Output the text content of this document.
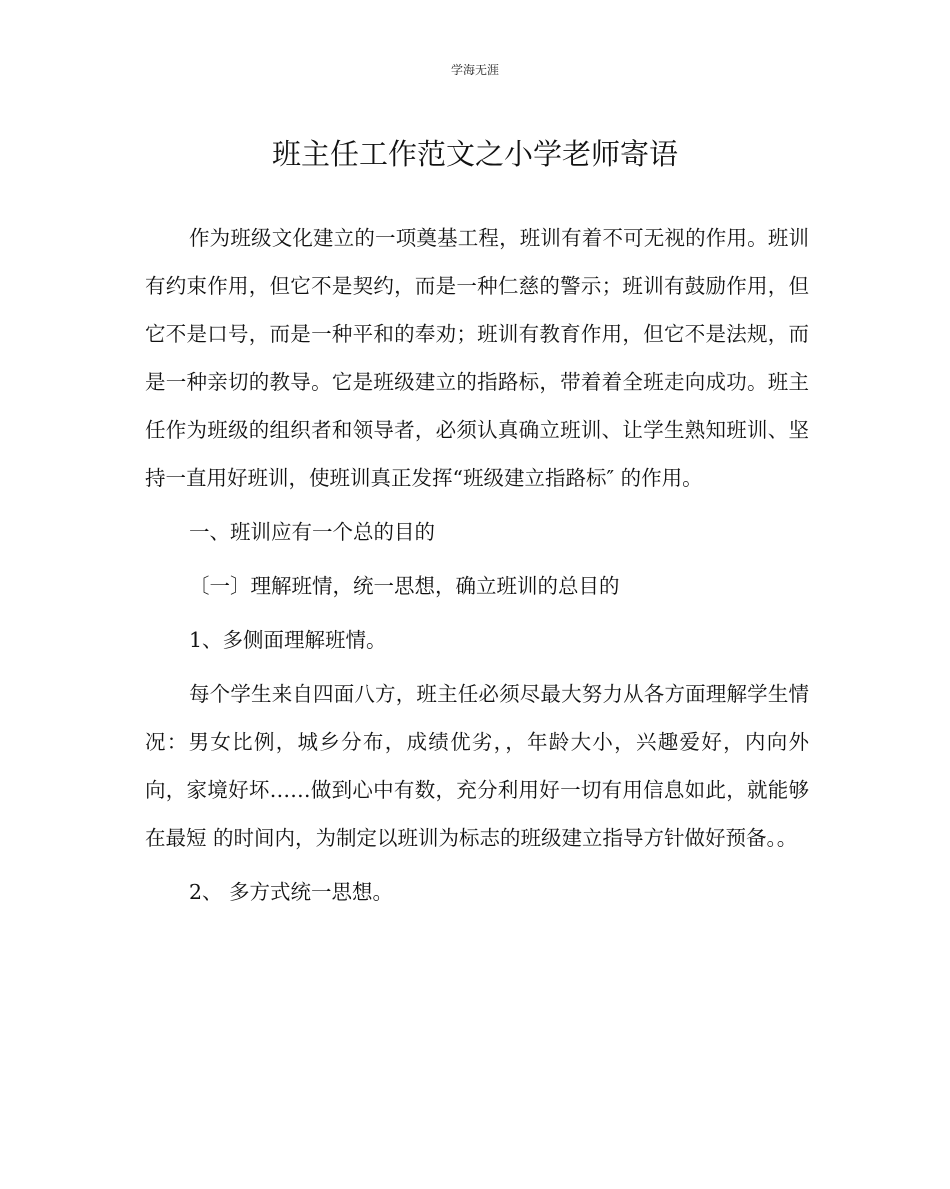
学海无涯
班主任工作范文之小学老师寄语

作为班级文化建立的一项奠基工程，班训有着不可无视的作用。班训有约束作用，但它不是契约，而是一种仁慈的警示；班训有鼓励作用，但它不是口号，而是一种平和的奉劝；班训有教育作用，但它不是法规，而是一种亲切的教导。它是班级建立的指路标，带着着全班走向成功。班主任作为班级的组织者和领导者，必须认真确立班训、让学生熟知班训、坚持一直用好班训，使班训真正发挥“班级建立指路标″ 的作用。

一、班训应有一个总的目的

〔一〕理解班情，统一思想，确立班训的总目的

1、多侧面理解班情。

每个学生来自四面八方，班主任必须尽最大努力从各方面理解学生情况：男女比例，城乡分布，成绩优劣，，年龄大小，兴趣爱好，内向外向，家境好坏……做到心中有数，充分利用好一切有用信息如此，就能够在最短 的时间内，为制定以班训为标志的班级建立指导方针做好预备。。

2、 多方式统一思想。
